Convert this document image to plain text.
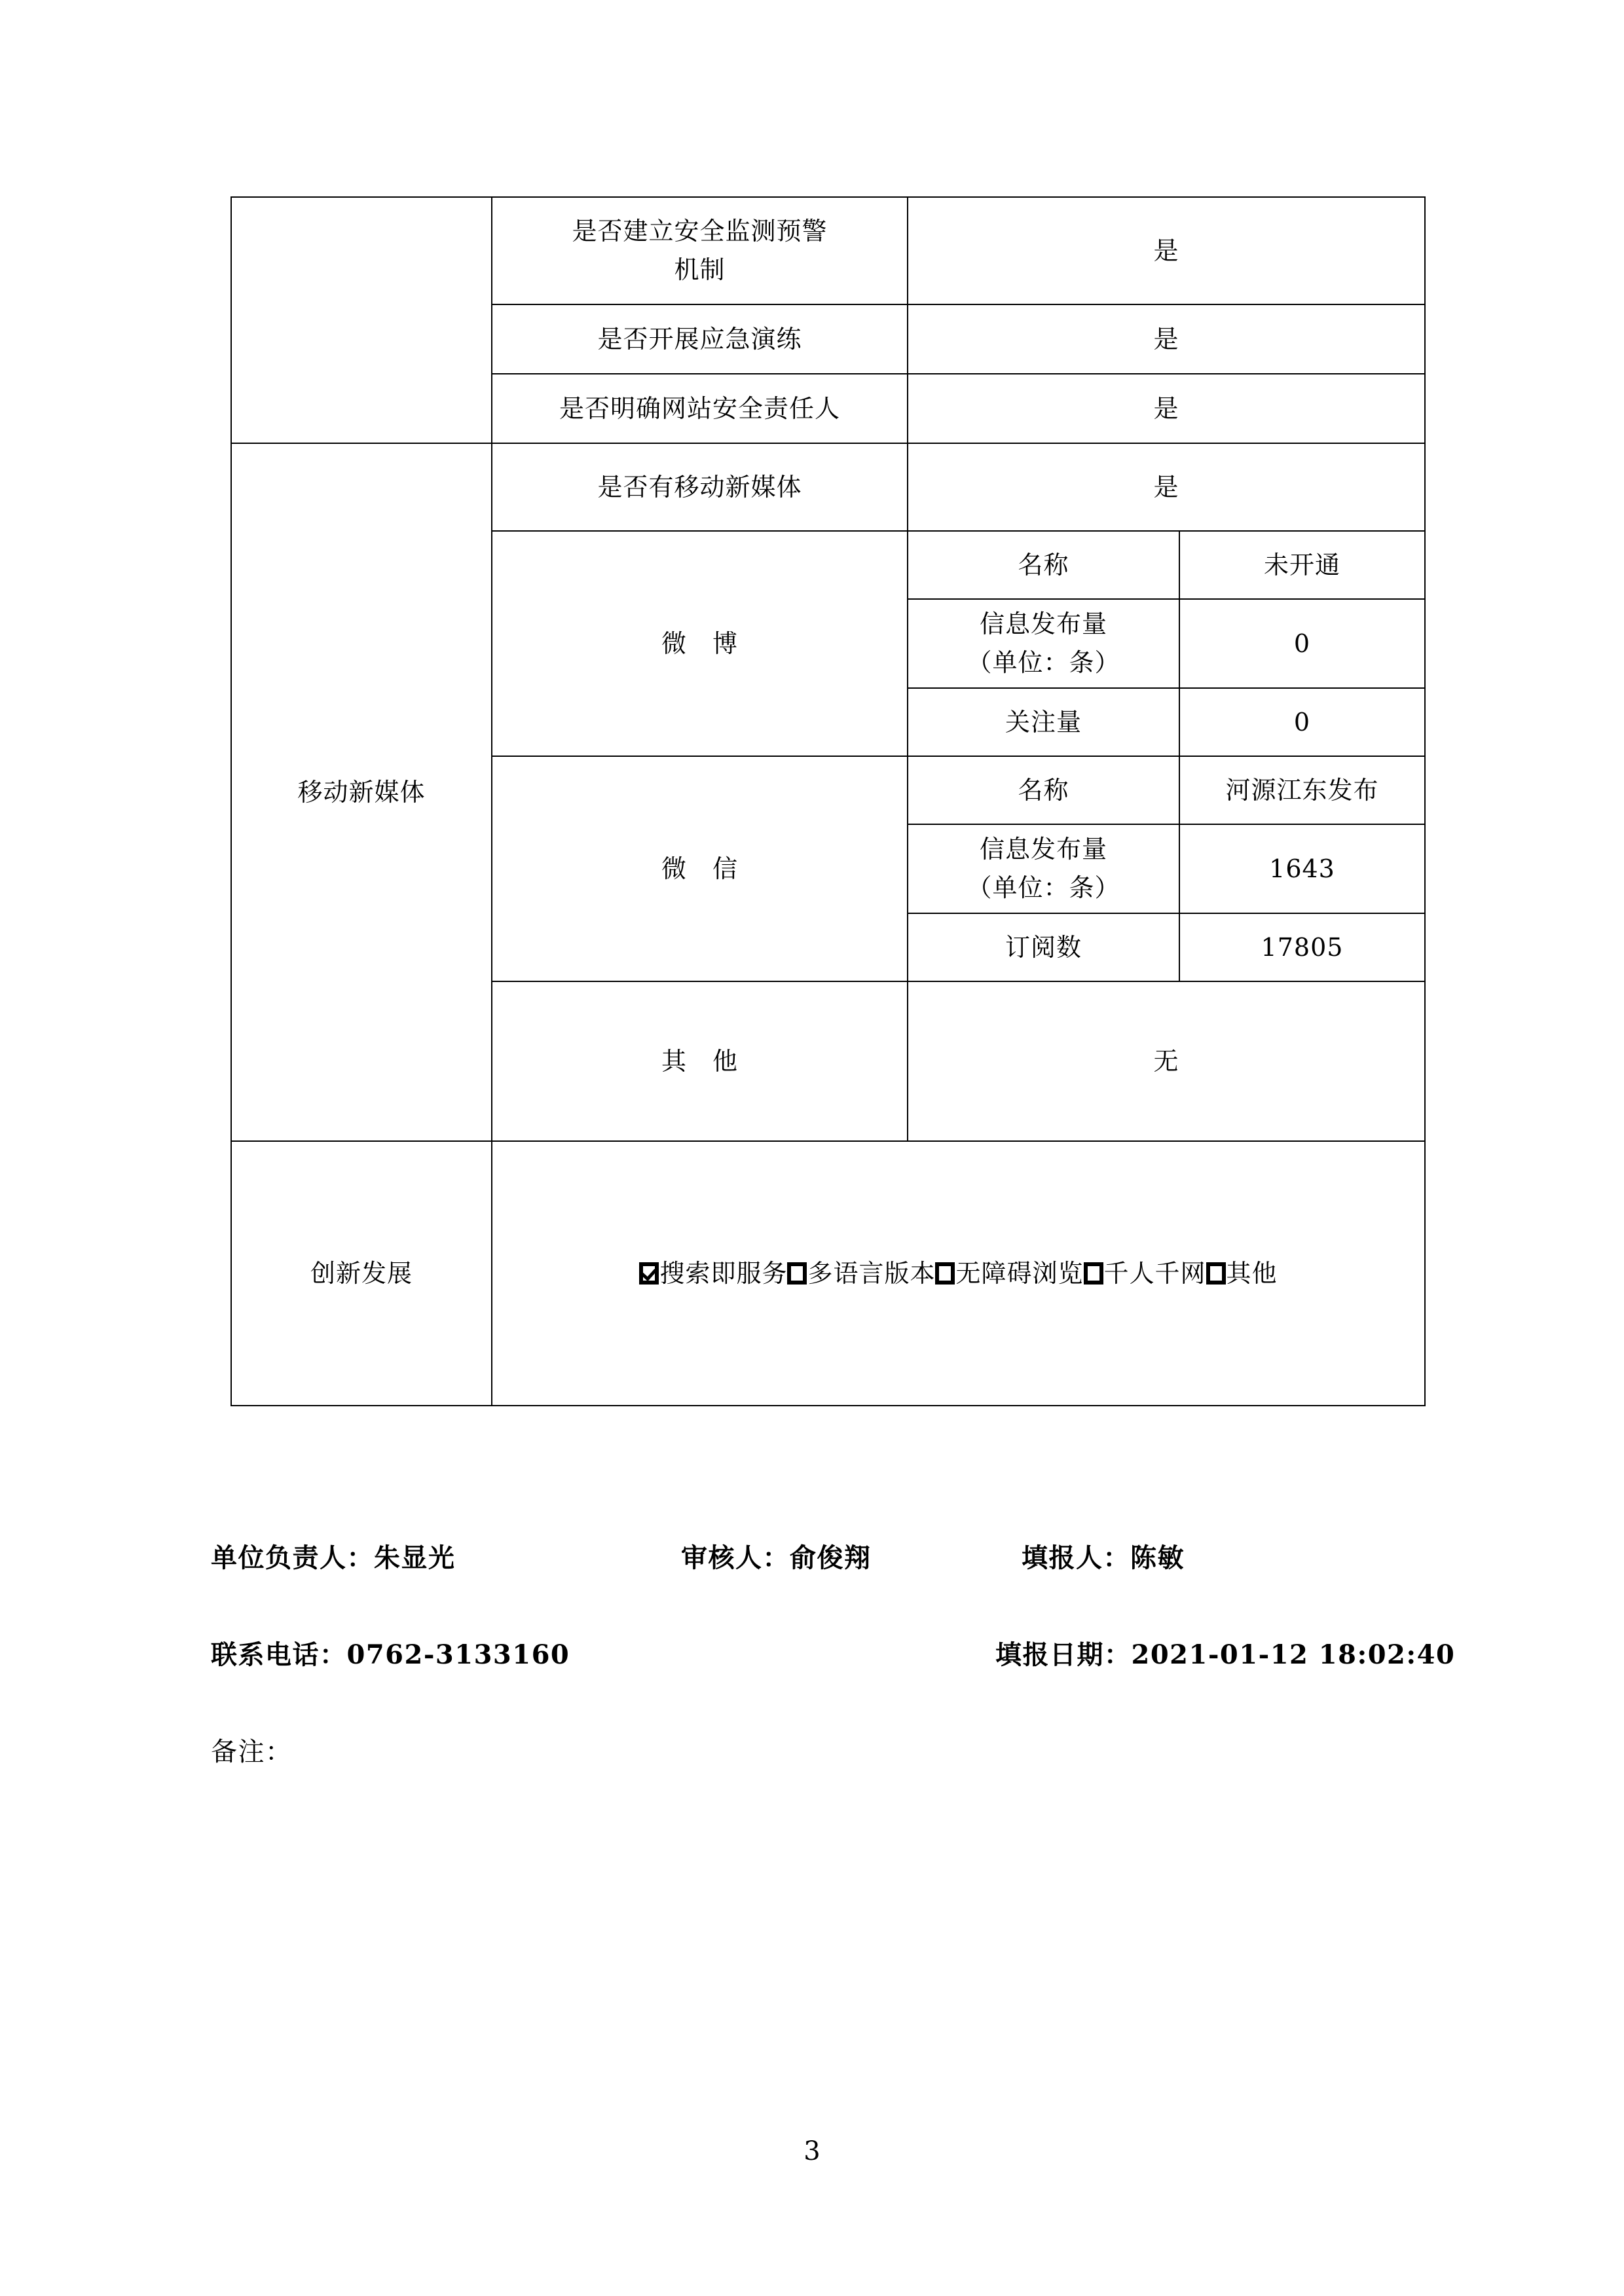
	是否建立安全监测预警
机制	是	
	是否开展应急演练	是	
	是否明确网站安全责任人	是	
移动新媒体	是否有移动新媒体	是	
	微　博	名称	未开通
		信息发布量
（单位：条）	0
		关注量	0
	微　信	名称	河源江东发布
		信息发布量
（单位：条）	1643
		订阅数	17805
	其　他	无	
创新发展	搜索即服务 多语言版本 无障碍浏览 千人千网 其他		
单位负责人：朱显光	审核人：俞俊翔	填报人：陈敏
联系电话：0762-3133160	填报日期：2021-01-12 18:02:40
备注：
3
